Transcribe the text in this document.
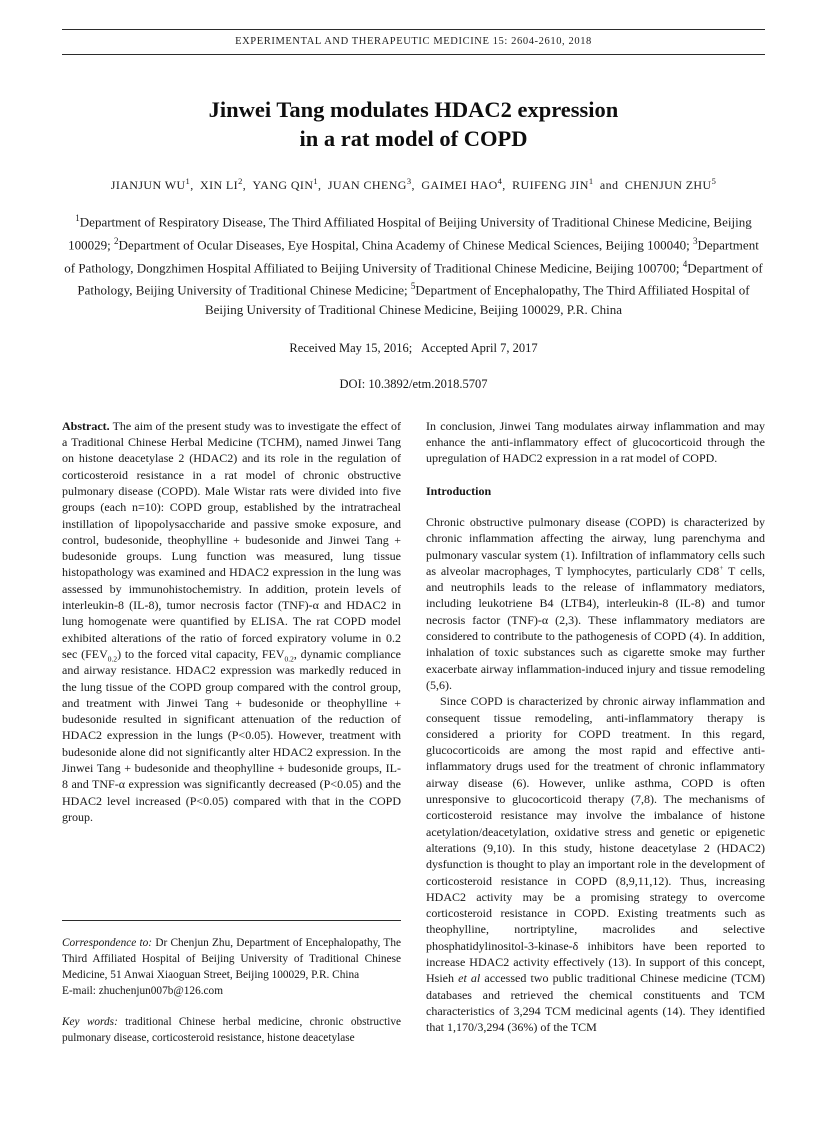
EXPERIMENTAL AND THERAPEUTIC MEDICINE 15: 2604-2610, 2018
Jinwei Tang modulates HDAC2 expression
in a rat model of COPD
JIANJUN $WU^1$, XIN $LI^2$, YANG QIN$^1$, JUAN CHENG$^3$, GAIMEI HAO$^4$, RUIFENG JIN$^1$ and CHENJUN ZHU$^5$
$^1$Department of Respiratory Disease, The Third Affiliated Hospital of Beijing University of Traditional Chinese Medicine, Beijing 100029; $^2$Department of Ocular Diseases, Eye Hospital, China Academy of Chinese Medical Sciences, Beijing 100040; $^3$Department of Pathology, Dongzhimen Hospital Affiliated to Beijing University of Traditional Chinese Medicine, Beijing 100700; $^4$Department of Pathology, Beijing University of Traditional Chinese Medicine; $^5$Department of Encephalopathy, The Third Affiliated Hospital of Beijing University of Traditional Chinese Medicine, Beijing 100029, P.R. China
Received May 15, 2016;  Accepted April 7, 2017
DOI: 10.3892/etm.2018.5707

Abstract. The aim of the present study was to investigate the effect of a Traditional Chinese Herbal Medicine (TCHM), named Jinwei Tang on histone deacetylase 2 (HDAC2) and its role in the regulation of corticosteroid resistance in a rat model of chronic obstructive pulmonary disease (COPD). Male Wistar rats were divided into five groups (each n=10): COPD group, established by the intratracheal instillation of lipopolysaccharide and passive smoke exposure, and control, budesonide, theophylline + budesonide and Jinwei Tang + budesonide groups. Lung function was measured, lung tissue histopathology was examined and HDAC2 expression in the lung was assessed by immunohistochemistry. In addition, protein levels of interleukin-8 (IL-8), tumor necrosis factor (TNF)-α and HDAC2 in lung homogenate were quantified by ELISA. The rat COPD model exhibited alterations of the ratio of forced expiratory volume in 0.2 $\sec (FEV_{0.2})$ to the forced vital capacity, $FEV_{0.2}$, dynamic compliance and airway resistance. HDAC2 expression was markedly reduced in the lung tissue of the COPD group compared with the control group, and treatment with Jinwei Tang + budesonide or theophylline + budesonide resulted in significant attenuation of the reduction of HDAC2 expression in the lungs (P<0.05). However, treatment with budesonide alone did not significantly alter HDAC2 expression. In the Jinwei Tang + budesonide and theophylline + budesonide groups, IL-8 and TNF-α expression was significantly decreased (P<0.05) and the HDAC2 level increased (P<0.05) compared with that in the COPD group.

Correspondence to: Dr Chenjun Zhu, Department of Encephalopathy, The Third Affiliated Hospital of Beijing University of Traditional Chinese Medicine, 51 Anwai Xiaoguan Street, Beijing 100029, P.R. China
E-mail: zhuchenjun007b@126.com

Key words: traditional Chinese herbal medicine, chronic obstructive pulmonary disease, corticosteroid resistance, histone deacetylase

In conclusion, Jinwei Tang modulates airway inflammation and may enhance the anti-inflammatory effect of glucocorticoid through the upregulation of HADC2 expression in a rat model of COPD.

Introduction

Chronic obstructive pulmonary disease (COPD) is characterized by chronic inflammation affecting the airway, lung parenchyma and pulmonary vascular system (1). Infiltration of inflammatory cells such as alveolar macrophages, T lymphocytes, particularly CD8+ T cells, and neutrophils leads to the release of inflammatory mediators, including leukotriene B4 (LTB4), interleukin-8 (IL-8) and tumor necrosis factor (TNF)-α (2,3). These inflammatory mediators are considered to contribute to the pathogenesis of COPD (4). In addition, inhalation of toxic substances such as cigarette smoke may further exacerbate airway inflammation-induced injury and tissue remodeling (5,6).

Since COPD is characterized by chronic airway inflammation and consequent tissue remodeling, anti-inflammatory therapy is considered a priority for COPD treatment. In this regard, glucocorticoids are among the most rapid and effective anti-inflammatory drugs used for the treatment of chronic inflammatory airway disease (6). However, unlike asthma, COPD is often unresponsive to glucocorticoid therapy (7,8). The mechanisms of corticosteroid resistance may involve the imbalance of histone acetylation/deacetylation, oxidative stress and genetic or epigenetic alterations (9,10). In this study, histone deacetylase 2 (HDAC2) dysfunction is thought to play an important role in the development of corticosteroid resistance in COPD (8,9,11,12). Thus, increasing HDAC2 activity may be a promising strategy to overcome corticosteroid resistance in COPD. Existing treatments such as theophylline, nortriptyline, macrolides and selective phosphatidylinositol-3-kinase-δ inhibitors have been reported to increase HDAC2 activity effectively (13). In support of this concept, Hsieh et al accessed two public traditional Chinese medicine (TCM) databases and retrieved the chemical constituents and TCM characteristics of 3,294 TCM medicinal agents (14). They identified that 1,170/3,294 (36%) of the TCM
